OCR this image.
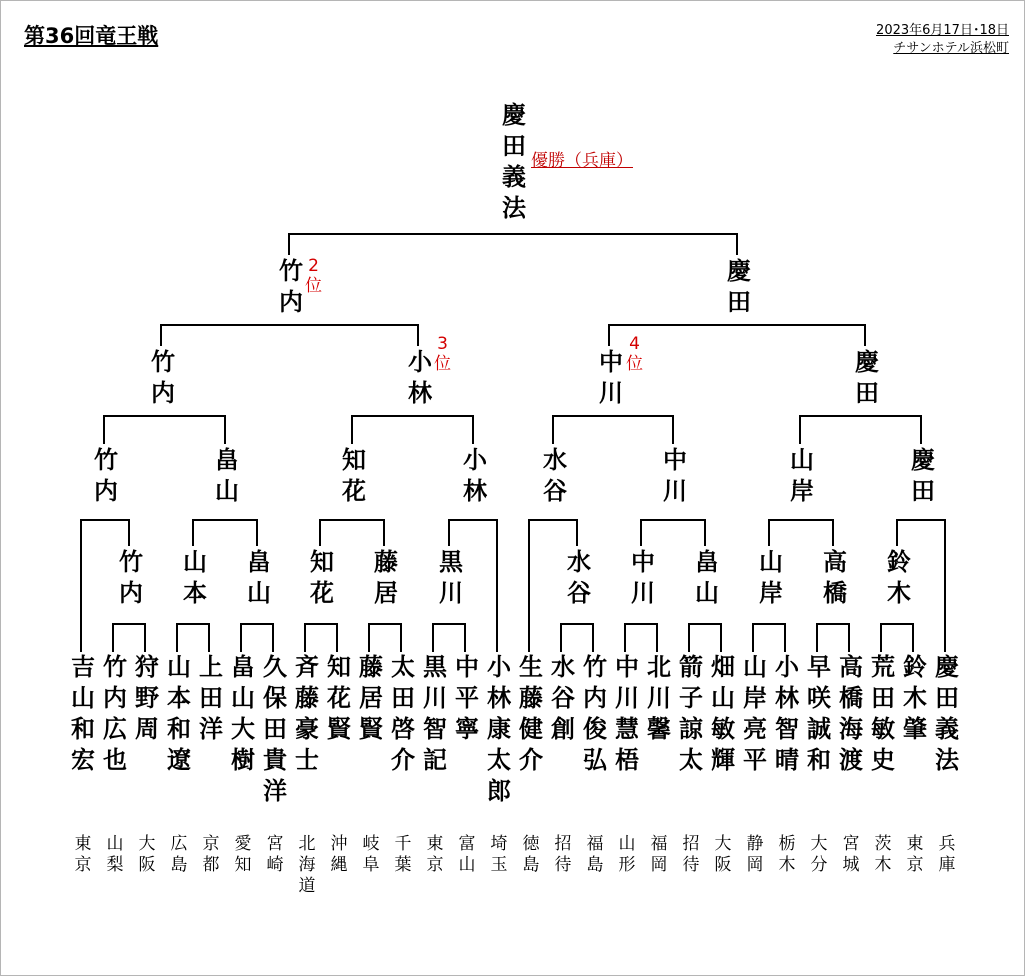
第36回竜王戦	2023年6月17日･18日
チサンホテル浜松町
慶田義法 優勝（兵庫）
竹内	慶田
竹内	小林	中川	慶田
竹内	畠山	知花	小林 水谷	中川	山岸	慶田
竹内 山本 畠山 知花 藤居 黒川	水谷 中川 畠山 山岸 高橋 鈴木
2
位
3
位
4
位
吉山和宏
東京
竹内広也
山梨
狩野周
大阪
山本和遼
広島
上田洋
京都
畠山大樹
愛知
久保田貴洋
宮崎
斉藤豪士
北海道
知花賢
沖縄
藤居賢
岐阜
太田啓介
千葉
黒川智記
東京
中平寧
富山
小林康太郎
埼玉
生藤健介
徳島
水谷創
招待
竹内俊弘
福島
中川慧梧
山形
北川馨
福岡
箭子諒太
招待
畑山敏輝
大阪
山岸亮平
静岡
小林智晴
栃木
早咲誠和
大分
高橋海渡
宮城
荒田敏史
茨木
鈴木肇
東京
慶田義法
兵庫
